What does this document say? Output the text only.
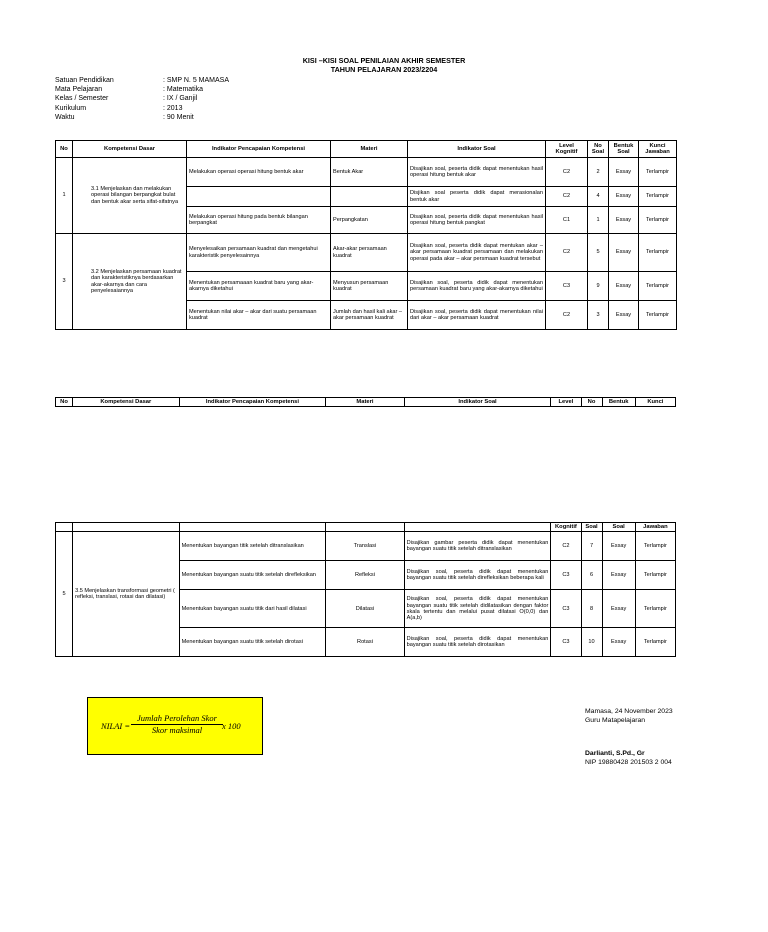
KISI –KISI SOAL PENILAIAN AKHIR SEMESTER
TAHUN PELAJARAN 2023/2204
Satuan Pendidikan	: SMP N. 5 MAMASA
Mata Pelajaran	: Matematika
Kelas / Semester	: IX / Ganjil
Kurikulum	: 2013
Waktu	: 90 Menit
No	Kompetensi Dasar	Indikator Pencapaian Kompetensi	Materi	Indikator Soal	Level Kognitif	No Soal	Bentuk Soal	Kunci Jawaban
1	3.1 Menjelaskan dan melakukan operasi bilangan berpangkat bulat dan bentuk akar serta sifat-sifatnya	Melakukan operasi operasi hitung bentuk akar	Bentuk Akar	Disajikan soal, peserta didik dapat menentukan hasil operasi hitung bentuk akar	C2	2	Essay	Terlampir
				Disjikan soal peserta didik dapat merasionalan bentuk akar	C2	4	Essay	Terlampir
		Melakukan operasi hitung pada bentuk bilangan berpangkat	Perpangkatan	Disajikan soal, peserta didik dapat menentukan hasil operasi hitung bentuk pangkat	C1	1	Essay	Terlampir
3	3.2 Menjelaskan persamaan kuadrat dan karakteristiknya berdasarkan akar-akarnya dan cara penyelesaiannya	Menyelesaikan persamaan kuadrat dan mengetahui karakteristik penyelesainnya	Akar-akar persamaan kuadrat	Disajikan soal, peserta didik dapat mentukan akar – akar persamaan kuadrat persamaan dan melakukan operasi pada akar – akar persmaan kuadrat tersebut	C2	5	Essay	Terlampir
		Menentukan persamaaan kuadrat baru yang akar-akarnya diketahui	Menyusun persamaan kuadrat	Disajikan soal, peserta didik dapat menentukan persamaan kuadrat baru yang akar-akarnya diketahui	C3	9	Essay	Terlampir
		Menentukan nilai akar – akar dari suatu persamaan kuadrat	Jumlah dan hasil kali akar – akar persamaan kuadrat	Disajikan soal, peserta didik dapat menentukan nilai dari akar – akar persamaan kuadrat	C2	3	Essay	Terlampir
No	Kompetensi Dasar	Indikator Pencapaian Kompetensi	Materi	Indikator Soal	Level	No	Bentuk	Kunci
					Kognitif	Soal	Soal	Jawaban
5	3.5 Menjelaskan transformasi geometri ( refleksi, translasi, rotasi dan dilatasi)	Menentukan bayangan titik setelah ditranslasikan	Translasi	Disajikan gambar peserta didik dapat menentukan bayangan suatu titik setelah ditranslasikan	C2	7	Essay	Terlampir
		Menentukan bayangan suatu titik setelah direfleksikan	Refleksi	Disajikan soal, peserta didik dapat menentukan bayangan suatu titik setelah direfleksikan beberapa kali	C3	6	Essay	Terlampir
		Menentukan bayangan suatu titik dari hasil dilatasi	Dilatasi	Disajikan soal, peserta didik dapat menentukan bayangan suatu titik setelah didilatasikan dengan faktor skala tertentu dan melalui pusat dilatasi O(0,0) dan A(a,b)	C3	8	Essay	Terlampir
		Menentukan bayangan suatu titik setelah dirotasi	Rotasi	Disajikan soal, peserta didik dapat menentukan bayangan suatu titik setelah dirotasikan	C3	10	Essay	Terlampir
NILAI =
Jumlah Perolehan Skor
Skor maksimal	x 100
Mamasa, 24 November 2023
Guru Matapelajaran
Darlianti, S.Pd., Gr
NIP 19880428 201503 2 004
